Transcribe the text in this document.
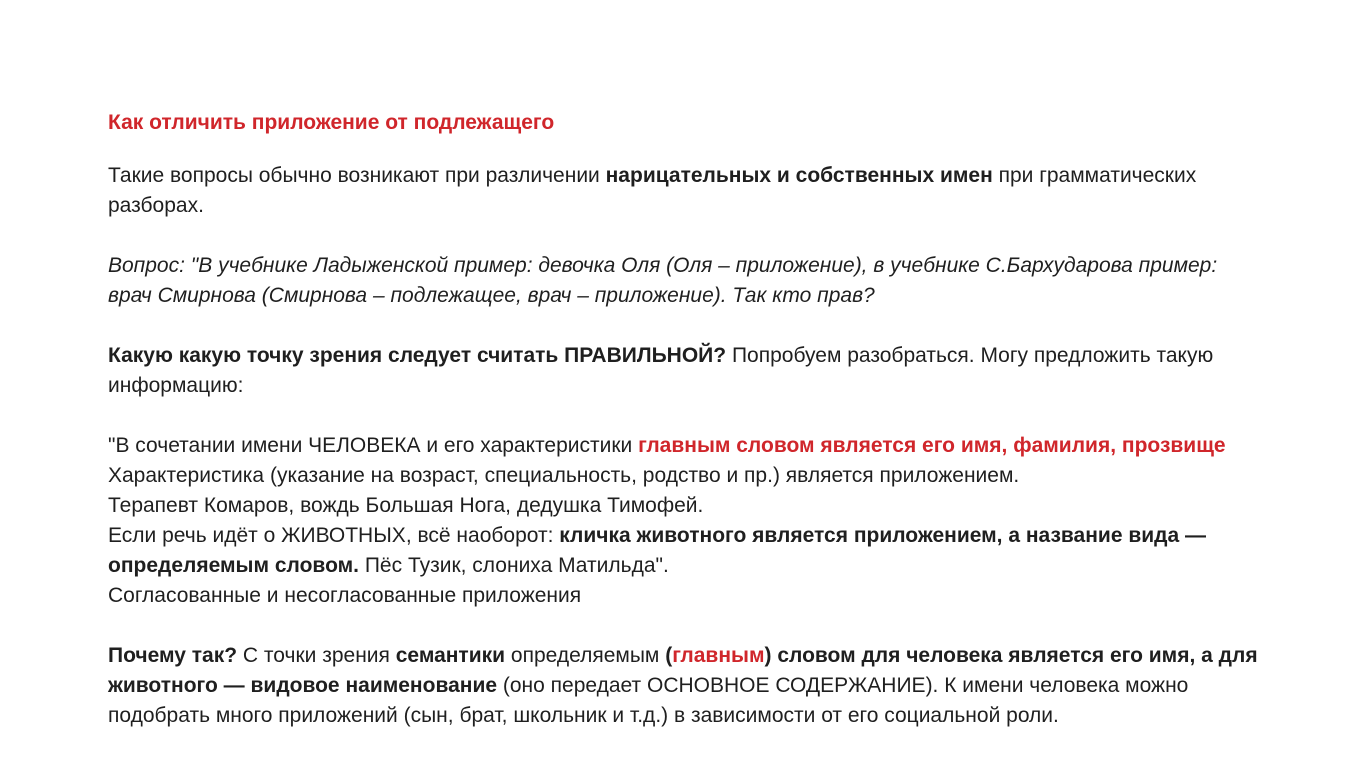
Как отличить приложение от подлежащего

Такие вопросы обычно возникают при различении нарицательных и собственных имен при грамматических разборах.

Вопрос: "В учебнике Ладыженской пример: девочка Оля (Оля – приложение), в учебнике С.Бархударова пример: врач Смирнова (Смирнова – подлежащее, врач – приложение). Так кто прав?

Какую какую точку зрения следует считать ПРАВИЛЬНОЙ? Попробуем разобраться. Могу предложить такую информацию:

"В сочетании имени ЧЕЛОВЕКА и его характеристики главным словом является его имя, фамилия, прозвище Характеристика (указание на возраст, специальность, родство и пр.) является приложением.
Терапевт Комаров, вождь Большая Нога, дедушка Тимофей.
Если речь идёт о ЖИВОТНЫХ, всё наоборот: кличка животного является приложением, а название вида — определяемым словом. Пёс Тузик, слониха Матильда".
Согласованные и несогласованные приложения

Почему так? С точки зрения семантики определяемым (главным) словом для человека является его имя, а для животного — видовое наименование (оно передает ОСНОВНОЕ СОДЕРЖАНИЕ). К имени человека можно подобрать много приложений (сын, брат, школьник и т.д.) в зависимости от его социальной роли.
